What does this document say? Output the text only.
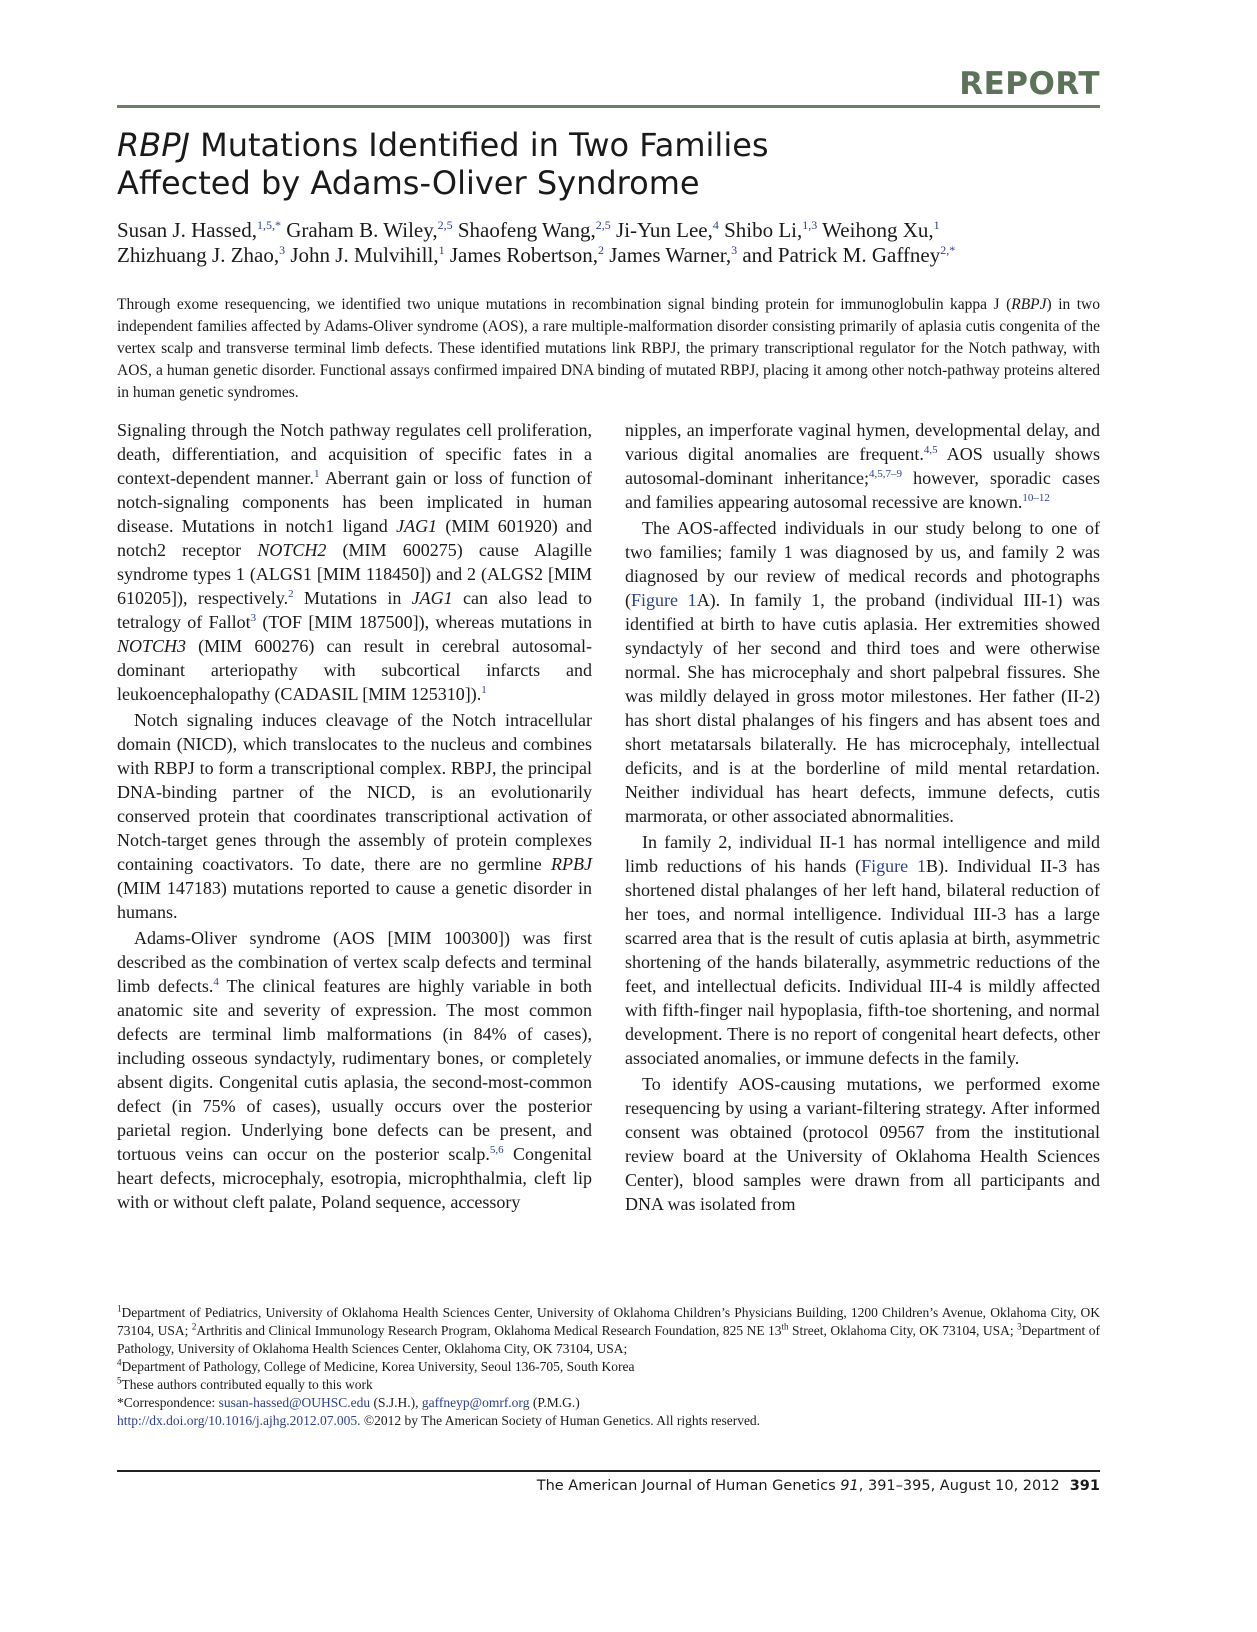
REPORT
RBPJ Mutations Identified in Two Families
Affected by Adams-Oliver Syndrome
Susan J. Hassed,$^{1,5,*}$ Graham B. Wiley,$^{2,5}$ Shaofeng Wang,$^{2,5}$ Ji-Yun Lee,$^4$ Shibo Li,$^{1,3}$ Weihong Xu,$^1$
Zhizhuang J. Zhao,$^3$ John J. Mulvihill,$^1$ James Robertson,$^2$ James Warner,$^3$ and Patrick M. Gaffney$^{2,*}$
Through exome resequencing, we identified two unique mutations in recombination signal binding protein for immunoglobulin kappa J (RBPJ) in two independent families affected by Adams-Oliver syndrome (AOS), a rare multiple-malformation disorder consisting primarily of aplasia cutis congenita of the vertex scalp and transverse terminal limb defects. These identified mutations link RBPJ, the primary transcriptional regulator for the Notch pathway, with AOS, a human genetic disorder. Functional assays confirmed impaired DNA binding of mutated RBPJ, placing it among other notch-pathway proteins altered in human genetic syndromes.

Signaling through the Notch pathway regulates cell proliferation, death, differentiation, and acquisition of specific fates in a context-dependent manner.$^1$ Aberrant gain or loss of function of notch-signaling components has been implicated in human disease. Mutations in notch1 ligand JAG1 (MIM 601920) and notch2 receptor NOTCH2 (MIM 600275) cause Alagille syndrome types 1 (ALGS1 [MIM 118450]) and 2 (ALGS2 [MIM 610205]), respectively.$^2$ Mutations in JAG1 can also lead to tetralogy of Fallot$^3$ (TOF [MIM 187500]), whereas mutations in NOTCH3 (MIM 600276) can result in cerebral autosomal-dominant arteriopathy with subcortical infarcts and leukoencephalopathy (CADASIL [MIM 125310]).$^1$

Notch signaling induces cleavage of the Notch intracellular domain (NICD), which translocates to the nucleus and combines with RBPJ to form a transcriptional complex. RBPJ, the principal DNA-binding partner of the NICD, is an evolutionarily conserved protein that coordinates transcriptional activation of Notch-target genes through the assembly of protein complexes containing coactivators. To date, there are no germline RPBJ (MIM 147183) mutations reported to cause a genetic disorder in humans.

Adams-Oliver syndrome (AOS [MIM 100300]) was first described as the combination of vertex scalp defects and terminal limb defects.$^4$ The clinical features are highly variable in both anatomic site and severity of expression. The most common defects are terminal limb malformations (in 84% of cases), including osseous syndactyly, rudimentary bones, or completely absent digits. Congenital cutis aplasia, the second-most-common defect (in 75% of cases), usually occurs over the posterior parietal region. Underlying bone defects can be present, and tortuous veins can occur on the posterior scalp.$^{5,6}$ Congenital heart defects, microcephaly, esotropia, microphthalmia, cleft lip with or without cleft palate, Poland sequence, accessory

nipples, an imperforate vaginal hymen, developmental delay, and various digital anomalies are frequent.$^{4,5}$ AOS usually shows autosomal-dominant inheritance;$^{4,5,7-9}$ however, sporadic cases and families appearing autosomal recessive are known.$^{10-12}$

The AOS-affected individuals in our study belong to one of two families; family 1 was diagnosed by us, and family 2 was diagnosed by our review of medical records and photographs (Figure 1A). In family 1, the proband (individual III-1) was identified at birth to have cutis aplasia. Her extremities showed syndactyly of her second and third toes and were otherwise normal. She has microcephaly and short palpebral fissures. She was mildly delayed in gross motor milestones. Her father (II-2) has short distal phalanges of his fingers and has absent toes and short metatarsals bilaterally. He has microcephaly, intellectual deficits, and is at the borderline of mild mental retardation. Neither individual has heart defects, immune defects, cutis marmorata, or other associated abnormalities.

In family 2, individual II-1 has normal intelligence and mild limb reductions of his hands (Figure 1B). Individual II-3 has shortened distal phalanges of her left hand, bilateral reduction of her toes, and normal intelligence. Individual III-3 has a large scarred area that is the result of cutis aplasia at birth, asymmetric shortening of the hands bilaterally, asymmetric reductions of the feet, and intellectual deficits. Individual III-4 is mildly affected with fifth-finger nail hypoplasia, fifth-toe shortening, and normal development. There is no report of congenital heart defects, other associated anomalies, or immune defects in the family.

To identify AOS-causing mutations, we performed exome resequencing by using a variant-filtering strategy. After informed consent was obtained (protocol 09567 from the institutional review board at the University of Oklahoma Health Sciences Center), blood samples were drawn from all participants and DNA was isolated from

$^1$Department of Pediatrics, University of Oklahoma Health Sciences Center, University of Oklahoma Children’s Physicians Building, 1200 Children’s Avenue, Oklahoma City, OK 73104, USA; $^2$Arthritis and Clinical Immunology Research Program, Oklahoma Medical Research Foundation, 825 NE 13th Street, Oklahoma City, OK 73104, USA; $^3$Department of Pathology, University of Oklahoma Health Sciences Center, Oklahoma City, OK 73104, USA;

$^4$Department of Pathology, College of Medicine, Korea University, Seoul 136-705, South Korea

$^5$These authors contributed equally to this work

*Correspondence: susan-hassed@OUHSC.edu (S.J.H.), gaffneyp@omrf.org (P.M.G.)

http://dx.doi.org/10.1016/j.ajhg.2012.07.005. ©2012 by The American Society of Human Genetics. All rights reserved.

The American Journal of Human Genetics 91, 391–395, August 10, 2012 391
